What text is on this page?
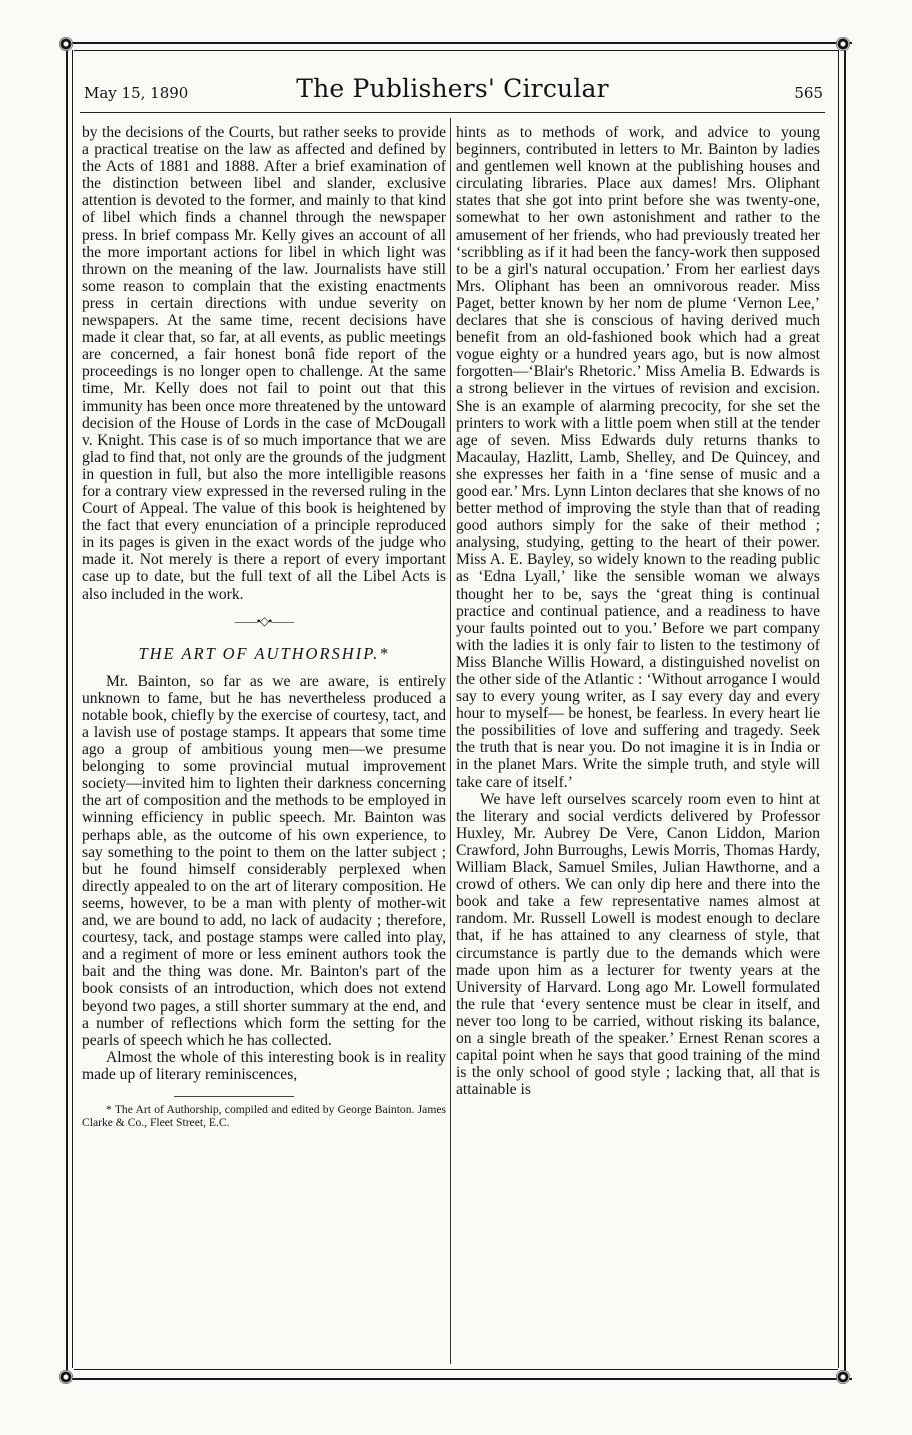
May 15, 1890	The Publishers' Circular	565

by the decisions of the Courts, but rather seeks to provide a practical treatise on the law as affected and defined by the Acts of 1881 and 1888. After a brief examination of the distinction between libel and slander, exclusive attention is devoted to the former, and mainly to that kind of libel which finds a channel through the newspaper press. In brief compass Mr. Kelly gives an account of all the more important actions for libel in which light was thrown on the meaning of the law. Journalists have still some reason to complain that the existing enactments press in certain directions with undue severity on newspapers. At the same time, recent decisions have made it clear that, so far, at all events, as public meetings are concerned, a fair honest bonâ fide report of the proceedings is no longer open to challenge. At the same time, Mr. Kelly does not fail to point out that this immunity has been once more threatened by the untoward decision of the House of Lords in the case of McDougall v. Knight. This case is of so much importance that we are glad to find that, not only are the grounds of the judgment in question in full, but also the more intelligible reasons for a contrary view expressed in the reversed ruling in the Court of Appeal. The value of this book is heightened by the fact that every enunciation of a principle reproduced in its pages is given in the exact words of the judge who made it. Not merely is there a report of every important case up to date, but the full text of all the Libel Acts is also included in the work.

——•◇•——
THE ART OF AUTHORSHIP.*

Mr. Bainton, so far as we are aware, is entirely unknown to fame, but he has nevertheless produced a notable book, chiefly by the exercise of courtesy, tact, and a lavish use of postage stamps. It appears that some time ago a group of ambitious young men—we presume belonging to some provincial mutual improvement society—invited him to lighten their darkness concerning the art of composition and the methods to be employed in winning efficiency in public speech. Mr. Bainton was perhaps able, as the outcome of his own experience, to say something to the point to them on the latter subject ; but he found himself considerably perplexed when directly appealed to on the art of literary composition. He seems, however, to be a man with plenty of mother-wit and, we are bound to add, no lack of audacity ; therefore, courtesy, tack, and postage stamps were called into play, and a regiment of more or less eminent authors took the bait and the thing was done. Mr. Bainton's part of the book consists of an introduction, which does not extend beyond two pages, a still shorter summary at the end, and a number of reflections which form the setting for the pearls of speech which he has collected.

Almost the whole of this interesting book is in reality made up of literary reminiscences,

* The Art of Authorship, compiled and edited by George Bainton. James Clarke & Co., Fleet Street, E.C.

hints as to methods of work, and advice to young beginners, contributed in letters to Mr. Bainton by ladies and gentlemen well known at the publishing houses and circulating libraries. Place aux dames! Mrs. Oliphant states that she got into print before she was twenty-one, somewhat to her own astonishment and rather to the amusement of her friends, who had previously treated her ‘scribbling as if it had been the fancy-work then supposed to be a girl's natural occupation.’ From her earliest days Mrs. Oliphant has been an omnivorous reader. Miss Paget, better known by her nom de plume ‘Vernon Lee,’ declares that she is conscious of having derived much benefit from an old-fashioned book which had a great vogue eighty or a hundred years ago, but is now almost forgotten—‘Blair's Rhetoric.’ Miss Amelia B. Edwards is a strong believer in the virtues of revision and excision. She is an example of alarming precocity, for she set the printers to work with a little poem when still at the tender age of seven. Miss Edwards duly returns thanks to Macaulay, Hazlitt, Lamb, Shelley, and De Quincey, and she expresses her faith in a ‘fine sense of music and a good ear.’ Mrs. Lynn Linton declares that she knows of no better method of improving the style than that of reading good authors simply for the sake of their method ; analysing, studying, getting to the heart of their power. Miss A. E. Bayley, so widely known to the reading public as ‘Edna Lyall,’ like the sensible woman we always thought her to be, says the ‘great thing is continual practice and continual patience, and a readiness to have your faults pointed out to you.’ Before we part company with the ladies it is only fair to listen to the testimony of Miss Blanche Willis Howard, a distinguished novelist on the other side of the Atlantic : ‘Without arrogance I would say to every young writer, as I say every day and every hour to myself— be honest, be fearless. In every heart lie the possibilities of love and suffering and tragedy. Seek the truth that is near you. Do not imagine it is in India or in the planet Mars. Write the simple truth, and style will take care of itself.’

We have left ourselves scarcely room even to hint at the literary and social verdicts delivered by Professor Huxley, Mr. Aubrey De Vere, Canon Liddon, Marion Crawford, John Burroughs, Lewis Morris, Thomas Hardy, William Black, Samuel Smiles, Julian Hawthorne, and a crowd of others. We can only dip here and there into the book and take a few representative names almost at random. Mr. Russell Lowell is modest enough to declare that, if he has attained to any clearness of style, that circumstance is partly due to the demands which were made upon him as a lecturer for twenty years at the University of Harvard. Long ago Mr. Lowell formulated the rule that ‘every sentence must be clear in itself, and never too long to be carried, without risking its balance, on a single breath of the speaker.’ Ernest Renan scores a capital point when he says that good training of the mind is the only school of good style ; lacking that, all that is attainable is
